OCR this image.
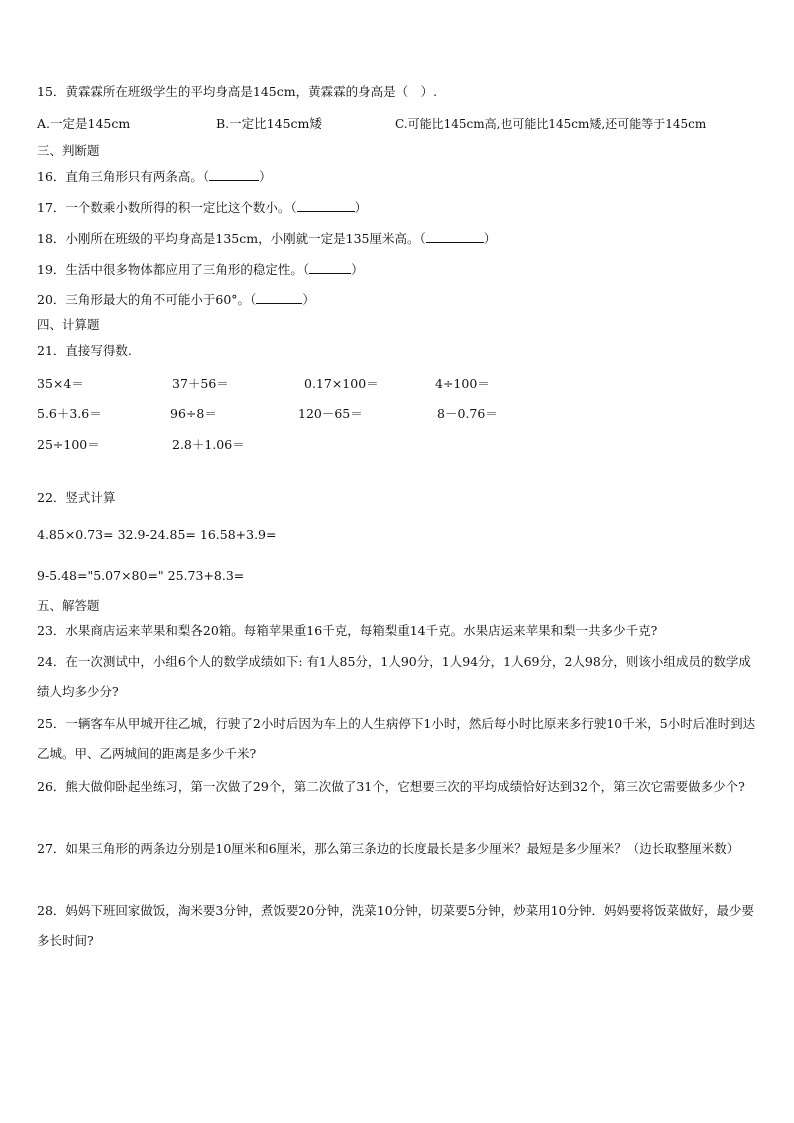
15．黄霖霖所在班级学生的平均身高是145cm，黄霖霖的身高是（　）.
A.一定是145cm	B.一定比145cm矮	C.可能比145cm高,也可能比145cm矮,还可能等于145cm
三、判断题
16．直角三角形只有两条高。（	）
17．一个数乘小数所得的积一定比这个数小。（	）
18．小刚所在班级的平均身高是135cm，小刚就一定是135厘米高。（	）
19．生活中很多物体都应用了三角形的稳定性。（	）
20．三角形最大的角不可能小于60°。（	）
四、计算题
21．直接写得数.
35×4＝	37＋56＝	0.17×100＝	4÷100＝
5.6＋3.6＝	96÷8＝	120－65＝	8－0.76＝
25÷100＝	2.8＋1.06＝
22．竖式计算
4.85×0.73= 32.9-24.85= 16.58+3.9=
9-5.48="5.07×80=" 25.73+8.3=
五、解答题
23．水果商店运来苹果和梨各20箱。每箱苹果重16千克，每箱梨重14千克。水果店运来苹果和梨一共多少千克?
24．在一次测试中，小组6个人的数学成绩如下: 有1人85分，1人90分，1人94分，1人69分，2人98分，则该小组成员的数学成绩人均多少分?
25．一辆客车从甲城开往乙城，行驶了2小时后因为车上的人生病停下1小时，然后每小时比原来多行驶10千米，5小时后准时到达乙城。甲、乙两城间的距离是多少千米?
26．熊大做仰卧起坐练习，第一次做了29个，第二次做了31个，它想要三次的平均成绩恰好达到32个，第三次它需要做多少个?
27．如果三角形的两条边分别是10厘米和6厘米，那么第三条边的长度最长是多少厘米？最短是多少厘米？（边长取整厘米数）
28．妈妈下班回家做饭，淘米要3分钟，煮饭要20分钟，洗菜10分钟，切菜要5分钟，炒菜用10分钟．妈妈要将饭菜做好，最少要多长时间?
